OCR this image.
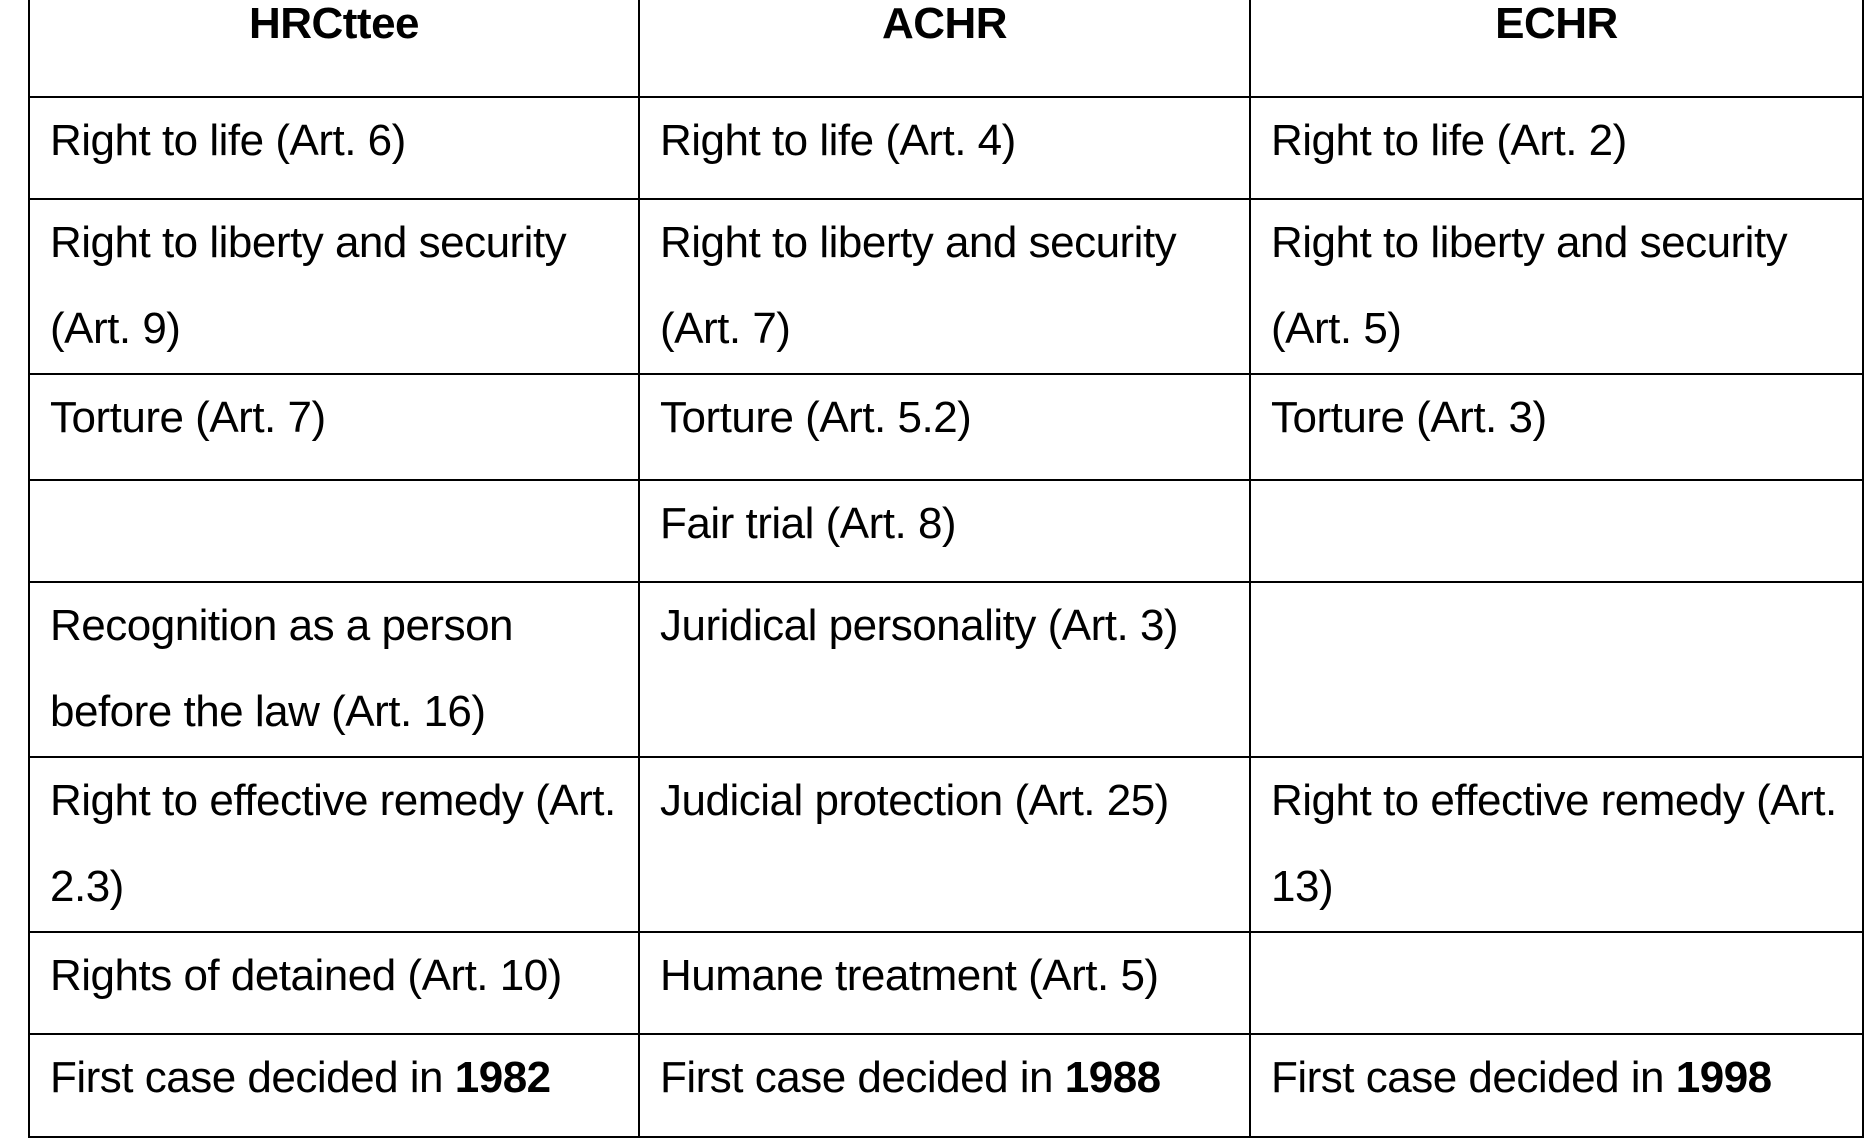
HRCttee	ACHR	ECHR
Right to life (Art. 6)	Right to life (Art. 4)	Right to life (Art. 2)
Right to liberty and security (Art. 9)	Right to liberty and security (Art. 7)	Right to liberty and security (Art. 5)
Torture (Art. 7)	Torture (Art. 5.2)	Torture (Art. 3)
	Fair trial (Art. 8)	
Recognition as a person before the law (Art. 16)	Juridical personality (Art. 3)	
Right to effective remedy (Art. 2.3)	Judicial protection (Art. 25)	Right to effective remedy (Art. 13)
Rights of detained (Art. 10)	Humane treatment (Art. 5)	
First case decided in 1982	First case decided in 1988	First case decided in 1998
